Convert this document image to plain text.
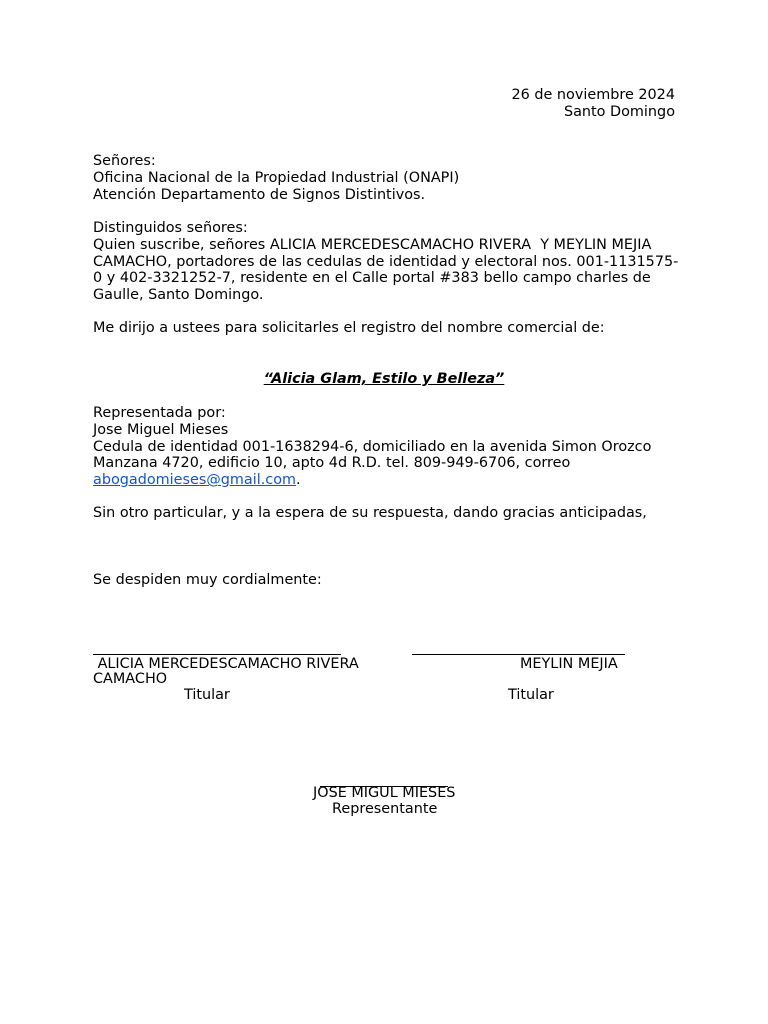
26 de noviembre 2024
Santo Domingo
Señores:
Oficina Nacional de la Propiedad Industrial (ONAPI)
Atención Departamento de Signos Distintivos.
Distinguidos señores:
Quien suscribe, señores ALICIA MERCEDESCAMACHO RIVERA  Y MEYLIN MEJIA
CAMACHO, portadores de las cedulas de identidad y electoral nos. 001-1131575-
0 y 402-3321252-7, residente en el Calle portal #383 bello campo charles de
Gaulle, Santo Domingo.
Me dirijo a ustees para solicitarles el registro del nombre comercial de:
“Alicia Glam, Estilo y Belleza”
Representada por:
Jose Miguel Mieses
Cedula de identidad 001-1638294-6, domiciliado en la avenida Simon Orozco
Manzana 4720, edificio 10, apto 4d R.D. tel. 809-949-6706, correo
abogadomieses@gmail.com.
Sin otro particular, y a la espera de su respuesta, dando gracias anticipadas,
Se despiden muy cordialmente:
ALICIA MERCEDESCAMACHO RIVERA
CAMACHO
Titular
MEYLIN MEJIA
Titular
JOSE MIGUL MIESES
Representante
